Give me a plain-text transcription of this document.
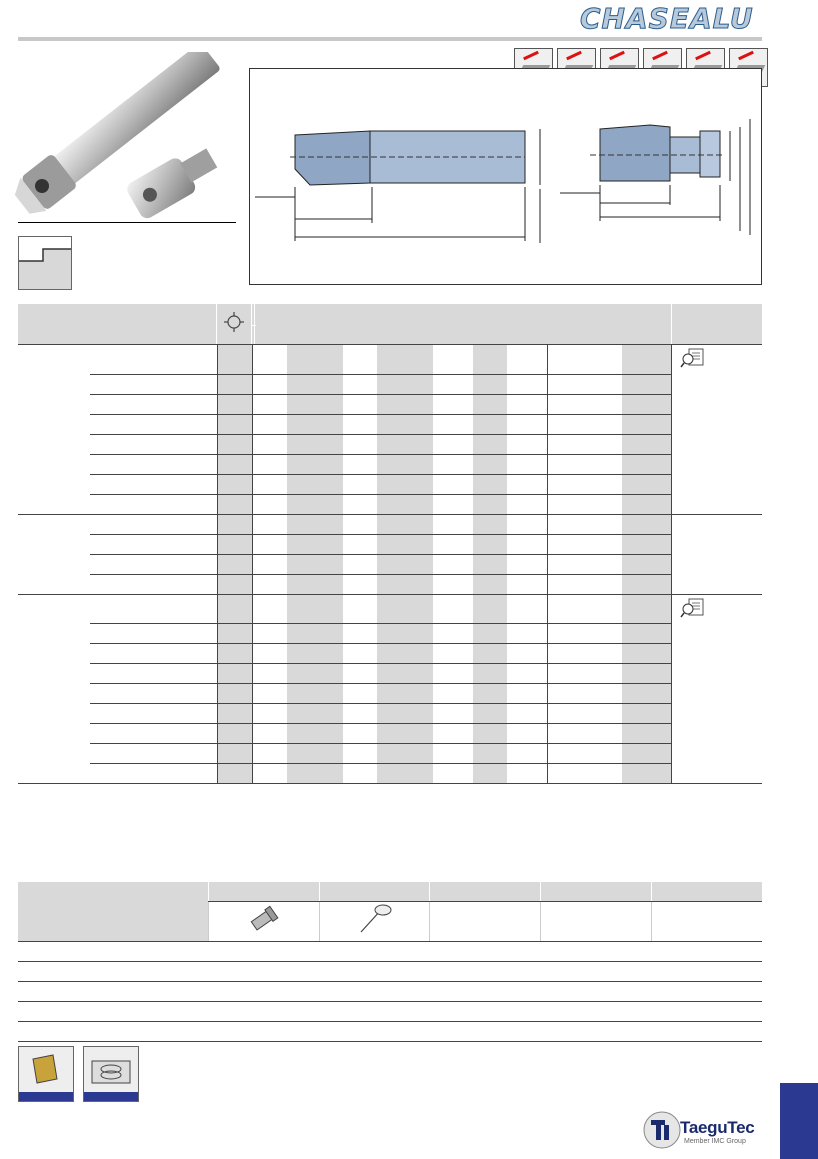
CHASEALU

TaeguTec
Member IMC Group
